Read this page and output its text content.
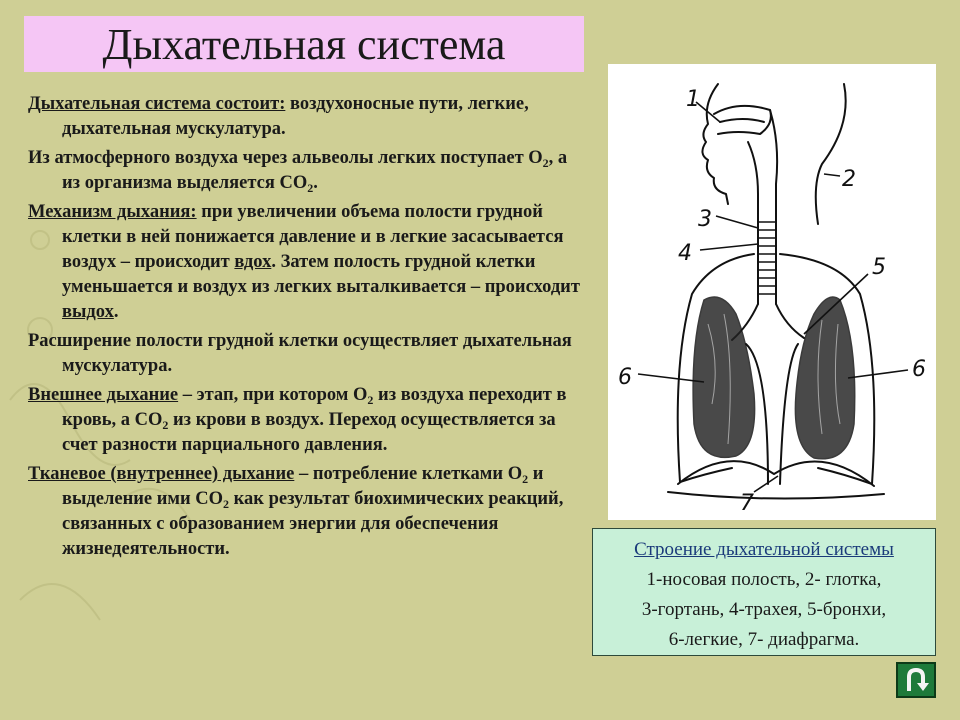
Дыхательная система

Дыхательная система состоит: воздухоносные пути, легкие, дыхательная мускулатура.

Из атмосферного воздуха через альвеолы легких поступает $О_2$, а из организма выделяется $СО_2$.

Механизм дыхания: при увеличении объема полости грудной клетки в ней понижается давление и в легкие засасывается воздух – происходит вдох. Затем полость грудной клетки уменьшается и воздух из легких выталкивается – происходит выдох.

Расширение полости грудной клетки осуществляет дыхательная мускулатура.

Внешнее дыхание – этап, при котором $О_2$ из воздуха переходит в кровь, а $СО_2$ из крови в воздух. Переход осуществляется за счет разности парциального давления.

Тканевое (внутреннее) дыхание – потребление клетками $О_2$ и выделение ими $СО_2$ как результат биохимических реакций, связанных с образованием энергии для обеспечения жизнедеятельности.

1
2
3
4
5
6	6
7
Строение дыхательной системы
1-носовая полость, 2- глотка,
3-гортань, 4-трахея, 5-бронхи,
6-легкие, 7- диафрагма.
